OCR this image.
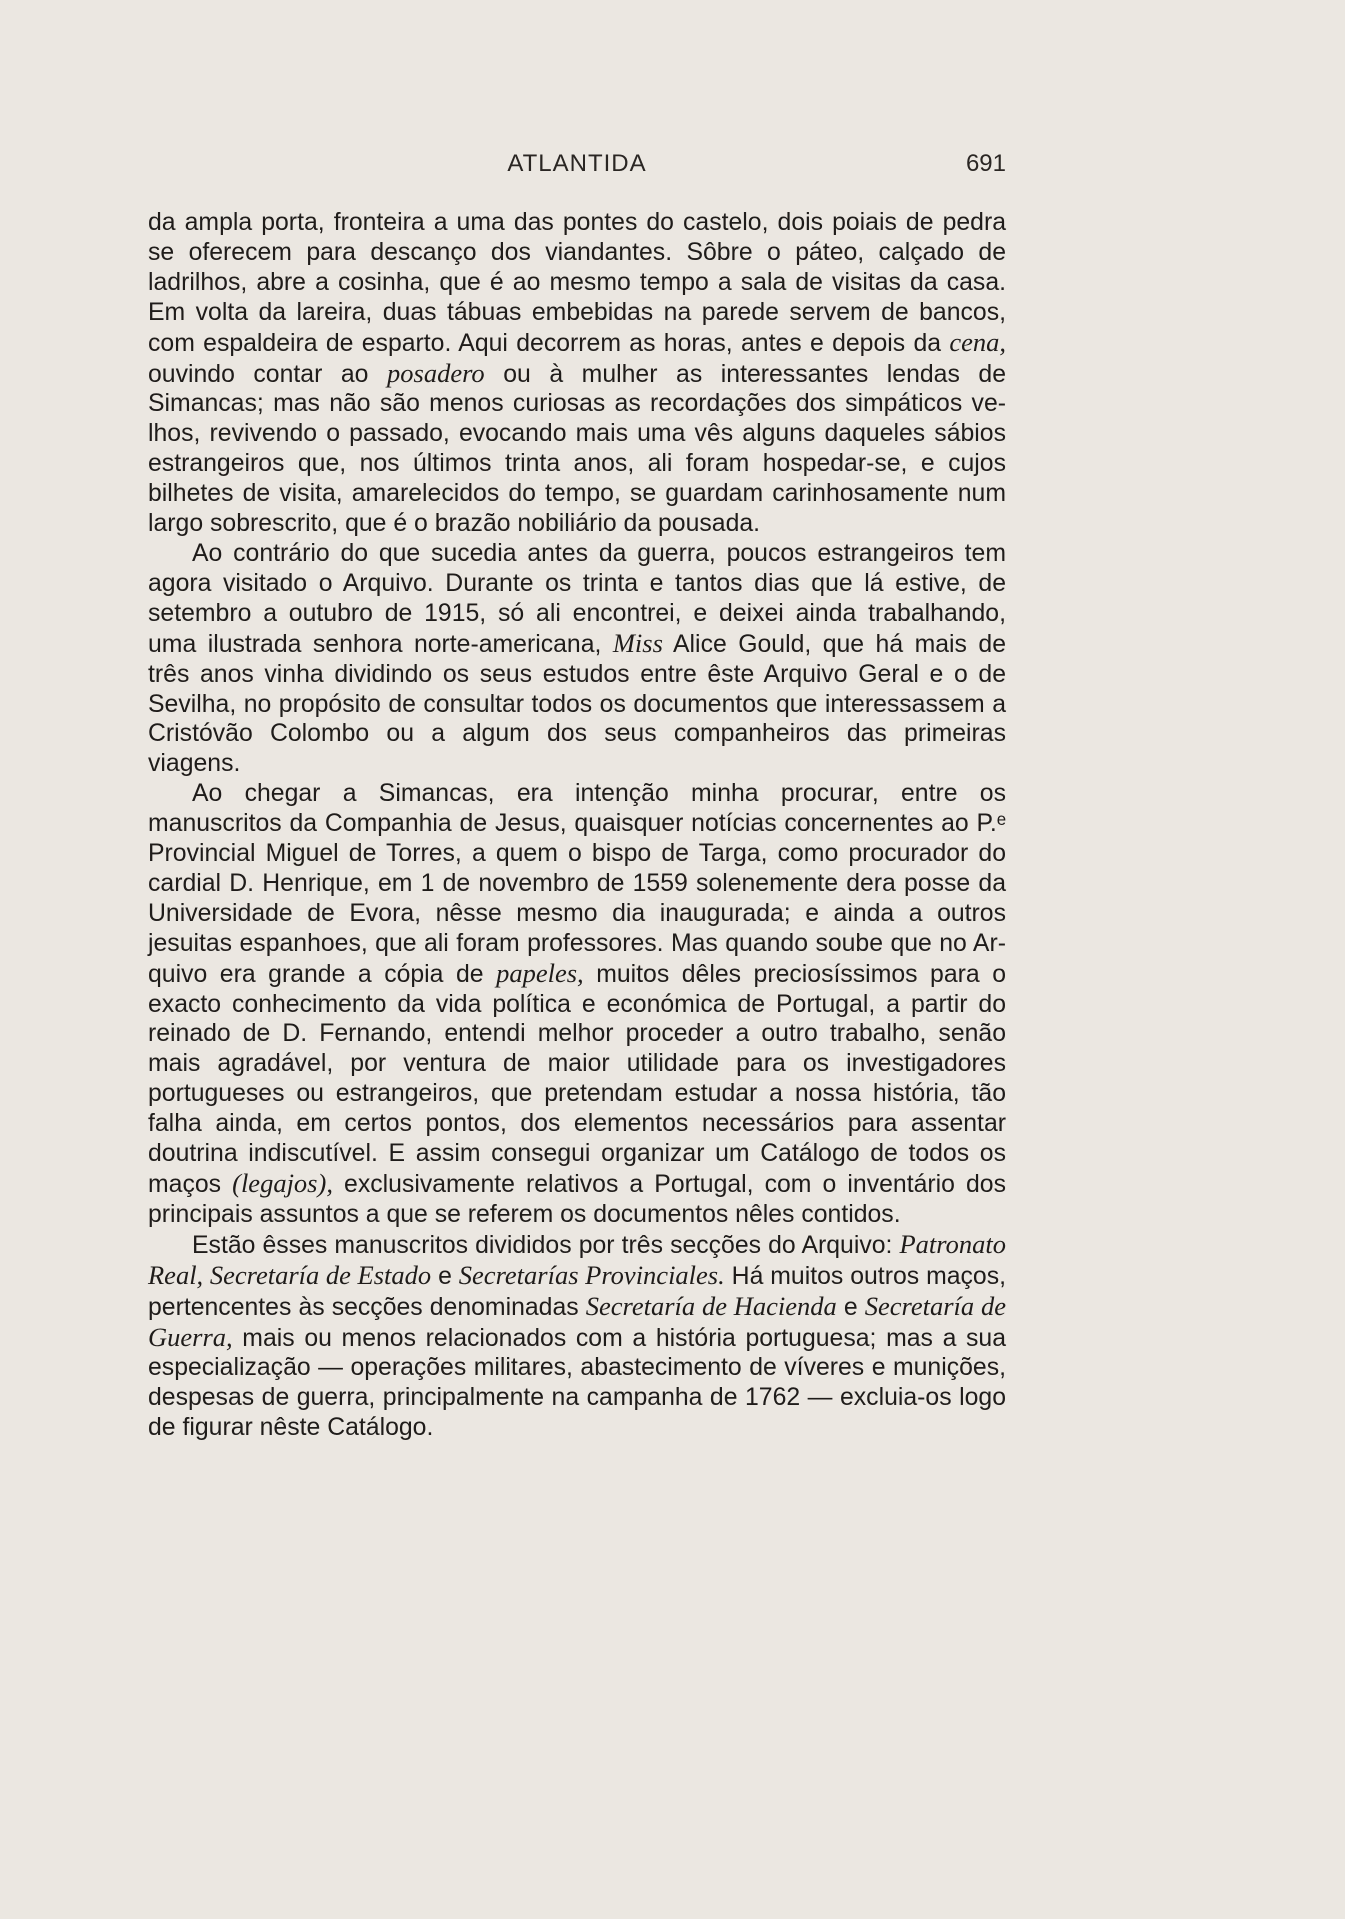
ATLANTIDA	691

da ampla porta, fronteira a uma das pontes do castelo, dois poiais de pedra se oferecem para descanço dos viandantes. Sôbre o páteo, calçado de ladrilhos, abre a cosinha, que é ao mesmo tempo a sala de visitas da casa. Em volta da lareira, duas tábuas embebidas na parede servem de bancos, com espaldeira de esparto. Aqui decorrem as horas, antes e depois da cena, ouvindo contar ao posadero ou à mulher as interessantes lendas de Simancas; mas não são menos curiosas as recordações dos simpáticos velhos, revivendo o passado, evocando mais uma vês alguns daqueles sábios estrangeiros que, nos últimos trinta anos, ali foram hospedar-se, e cujos bilhetes de visita, amarelecidos do tempo, se guardam carinhosamente num largo sobrescrito, que é o brazão nobiliário da pousada.

Ao contrário do que sucedia antes da guerra, poucos estrangeiros tem agora visitado o Arquivo. Durante os trinta e tantos dias que lá estive, de setembro a outubro de 1915, só ali encontrei, e deixei ainda trabalhando, uma ilustrada senhora norte-americana, Miss Alice Gould, que há mais de três anos vinha dividindo os seus estudos entre êste Arquivo Geral e o de Sevilha, no propósito de consultar todos os documentos que interessassem a Cristóvão Colombo ou a algum dos seus companheiros das primeiras viagens.

Ao chegar a Simancas, era intenção minha procurar, entre os manuscritos da Companhia de Jesus, quaisquer notícias concernentes ao P.ᵉ Provincial Miguel de Torres, a quem o bispo de Targa, como procurador do cardial D. Henrique, em 1 de novembro de 1559 solenemente dera posse da Universidade de Evora, nêsse mesmo dia inaugurada; e ainda a outros jesuitas espanhoes, que ali foram professores. Mas quando soube que no Arquivo era grande a cópia de papeles, muitos dêles preciosíssimos para o exacto conhecimento da vida política e económica de Portugal, a partir do reinado de D. Fernando, entendi melhor proceder a outro trabalho, senão mais agradável, por ventura de maior utilidade para os investigadores portugueses ou estrangeiros, que pretendam estudar a nossa história, tão falha ainda, em certos pontos, dos elementos necessários para assentar doutrina indiscutível. E assim consegui organizar um Catálogo de todos os maços (legajos), exclusivamente relativos a Portugal, com o inventário dos principais assuntos a que se referem os documentos nêles contidos.

Estão êsses manuscritos divididos por três secções do Arquivo: Patronato Real, Secretaría de Estado e Secretarías Provinciales. Há muitos outros maços, pertencentes às secções denominadas Secretaría de Hacienda e Secretaría de Guerra, mais ou menos relacionados com a história portuguesa; mas a sua especialização — operações militares, abastecimento de víveres e munições, despesas de guerra, principalmente na campanha de 1762 — excluia-os logo de figurar nêste Catálogo.
